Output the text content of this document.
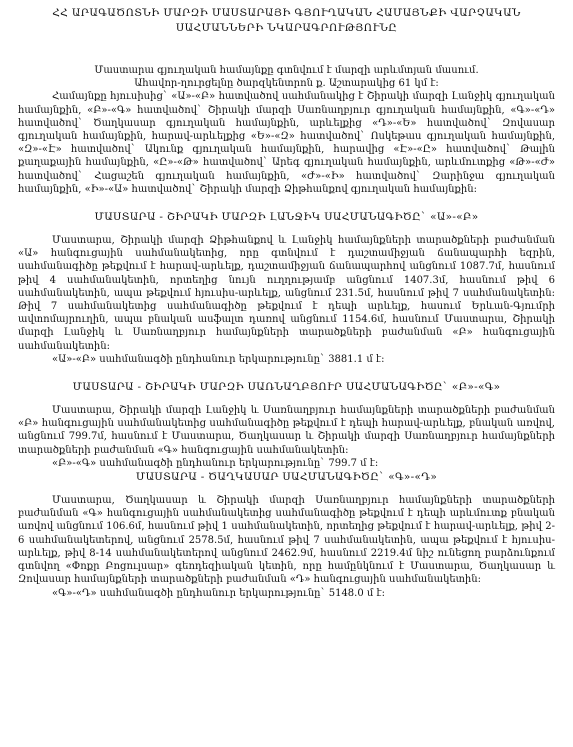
ՀՀ ԱՐԱԳԱԾՈՏՆԻ ՄԱՐԶԻ ՄԱՍՏԱՐԱՅԻ ԳՅՈՒՂԱԿԱՆ ՀԱՄԱՅՆՔԻ ՎԱՐՉԱԿԱՆ

ՍԱՀՄԱՆՆԵՐԻ ՆԿԱՐԱԳՐՈՒԹՅՈՒՆԸ

Մաստարա գյուղական համայնքը գտնվում է մարզի արևմտյան մասում.

Ահավոր-ղուրցելնը ծարզկենտրոն ք. Աշտարակից 61 կմ է:

Համայնքը հյուսիսից` «Ա»-«Բ» հատվածով սահմանակից է Շիրակի մարզի Լանջիկ գյուղական համայնքին, «Բ»-«Գ» հատվածով` Շիրակի մարզի Սառնաղբյուր գյուղական համայնքին, «Գ»-«Դ» հատվածով` Ծաղկասար գյուղական համայնքին, արևելքից «Դ»-«Ե» հատվածով` Զովասար գյուղական համայնքին, հարավ-արևելքից «Ե»-«Զ» հատվածով` Ոսկեթաս գյուղական համայնքին, «Զ»-«Է» հատվածով` Ակունք գյուղական համայնքին, հարավից «Է»-«Ը» հատվածով` Թալին քաղաքային համայնքին, «Ը»-«Թ» հատվածով` Արեգ գյուղական համայնքին, արևմուտքից «Թ»-«Ժ» հատվածով` Հացաշեն գյուղական համայնքին, «Ժ»-«Ի» հատվածով` Զարինջա գյուղական համայնքին, «Ի»-«Ա» հատվածով` Շիրակի մարզի Ձիթհանքով գյուղական համայնքին:

ՄԱՍՏԱՐԱ - ՇԻՐԱԿԻ ՄԱՐԶԻ ԼԱՆՋԻԿ ՍԱՀՄԱՆԱԳԻԾԸ` «Ա»-«Բ»

Մաստարա, Շիրակի մարզի Ձիթհանքով և Լանջիկ համայնքների տարածքների բաժանման «Ա» հանգուցային սահմանակետից, որը գտնվում է դաշտամիջյան ճանապարհի եզրին, սահմանագիծը թեքվում է հարավ-արևելք, դաշտամիջյան ճանապարհով անցնում 1087.7մ, հասնում թիվ 4 սահմանակետին, որտեղից նույն ուղղությամբ անցնում 1407.3մ, հասնում թիվ 6 սահմանակետին, ապա թեքվում հյուսիս-արևելք, անցնում 231.5մ, հասնում թիվ 7 սահմանակետին: Թիվ 7 սահմանակետից սահմանագիծը թեքվում է դեպի արևելք, հասում Երևան-Գյումրի ավտոմայրուղին, ապա բնական ասֆալտ դառով անցնում 1154.6մ, հասնում Մաստարա, Շիրակի մարզի Լանջիկ և Սառնաղբյուր համայնքների տարածքների բաժանման «Բ» հանգուցային սահմանակետին:

«Ա»-«Բ» սահմանագծի ընդհանուր երկարությունը` 3881.1 մ է:

ՄԱՍՏԱՐԱ - ՇԻՐԱԿԻ ՄԱՐԶԻ ՍԱՌՆԱՂԲՅՈՒՐ ՍԱՀՄԱՆԱԳԻԾԸ` «Բ»-«Գ»

Մաստարա, Շիրակի մարզի Լանջիկ և Սառնաղբյուր համայնքների տարածքների բաժանման «Բ» հանգուցային սահմանակետից սահմանագիծը թեքվում է դեպի հարավ-արևելք, բնական առվով, անցնում 799.7մ, հասնում է Մաստարա, Ծաղկասար և Շիրակի մարզի Սառնաղբյուր համայնքների տարածքների բաժանման «Գ» հանգուցային սահմանակետին:

«Բ»-«Գ» սահմանագծի ընդհանուր երկարությունը` 799.7 մ է:

ՄԱՍՏԱՐԱ - ԾԱՂԿԱՍԱՐ ՍԱՀՄԱՆԱԳԻԾԸ` «Գ»-«Դ»

Մաստարա, Ծաղկասար և Շիրակի մարզի Սառնաղբյուր համայնքների տարածքների բաժանման «Գ» հանգուցային սահմանակետից սահմանագիծը թեքվում է դեպի արևմուտք բնական առվով անցնում 106.6մ, հասնում թիվ 1 սահմանակետին, որտեղից թեքվում է հարավ-արևելք, թիվ 2-6 սահմանակետերով, անցնում 2578.5մ, հասնում թիվ 7 սահմանակետին, ապա թեքվում է հյուսիս-արևելք, թիվ 8-14 սահմանակետերով անցնում 2462.9մ, հասնում 2219.4մ նիշ ունեցող բարձունքում գտնվող «Փոքր Բոցուլսար» գեոդեզիական կետին, որը համընկնում է Մաստարա, Ծաղկասար և Զովասար համայնքների տարածքների բաժանման «Դ» հանգուցային սահմանակետին:

«Գ»-«Դ» սահմանագծի ընդհանուր երկարությունը` 5148.0 մ է:
